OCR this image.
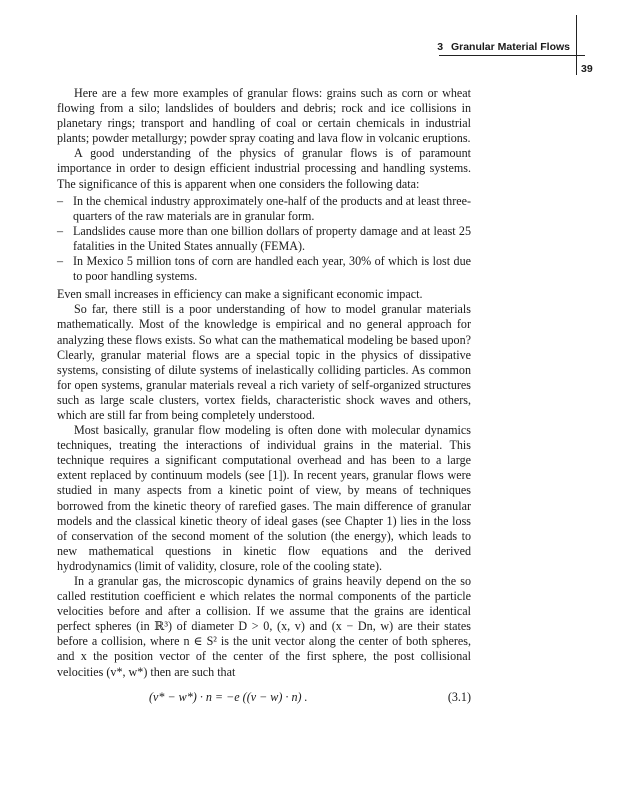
3 Granular Material Flows
39

Here are a few more examples of granular flows: grains such as corn or wheat flowing from a silo; landslides of boulders and debris; rock and ice collisions in planetary rings; transport and handling of coal or certain chemicals in industrial plants; powder metallurgy; powder spray coating and lava flow in volcanic eruptions.

A good understanding of the physics of granular flows is of paramount importance in order to design efficient industrial processing and handling systems. The significance of this is apparent when one considers the following data:

– In the chemical industry approximately one-half of the products and at least three-quarters of the raw materials are in granular form.
– Landslides cause more than one billion dollars of property damage and at least 25 fatalities in the United States annually (FEMA).
– In Mexico 5 million tons of corn are handled each year, 30% of which is lost due to poor handling systems.

Even small increases in efficiency can make a significant economic impact.

So far, there still is a poor understanding of how to model granular materials mathematically. Most of the knowledge is empirical and no general approach for analyzing these flows exists. So what can the mathematical modeling be based upon? Clearly, granular material flows are a special topic in the physics of dissipative systems, consisting of dilute systems of inelastically colliding particles. As common for open systems, granular materials reveal a rich variety of self-organized structures such as large scale clusters, vortex fields, characteristic shock waves and others, which are still far from being completely understood.

Most basically, granular flow modeling is often done with molecular dynamics techniques, treating the interactions of individual grains in the material. This technique requires a significant computational overhead and has been to a large extent replaced by continuum models (see [1]). In recent years, granular flows were studied in many aspects from a kinetic point of view, by means of techniques borrowed from the kinetic theory of rarefied gases. The main difference of granular models and the classical kinetic theory of ideal gases (see Chapter 1) lies in the loss of conservation of the second moment of the solution (the energy), which leads to new mathematical questions in kinetic flow equations and the derived hydrodynamics (limit of validity, closure, role of the cooling state).

In a granular gas, the microscopic dynamics of grains heavily depend on the so called restitution coefficient e which relates the normal components of the particle velocities before and after a collision. If we assume that the grains are identical perfect spheres (in ℝ³) of diameter D > 0, (x, v) and (x − Dn, w) are their states before a collision, where n ∈ S² is the unit vector along the center of both spheres, and x the position vector of the center of the first sphere, the post collisional velocities (v*, w*) then are such that

(v* − w*) · n = −e ((v − w) · n) .	(3.1)
